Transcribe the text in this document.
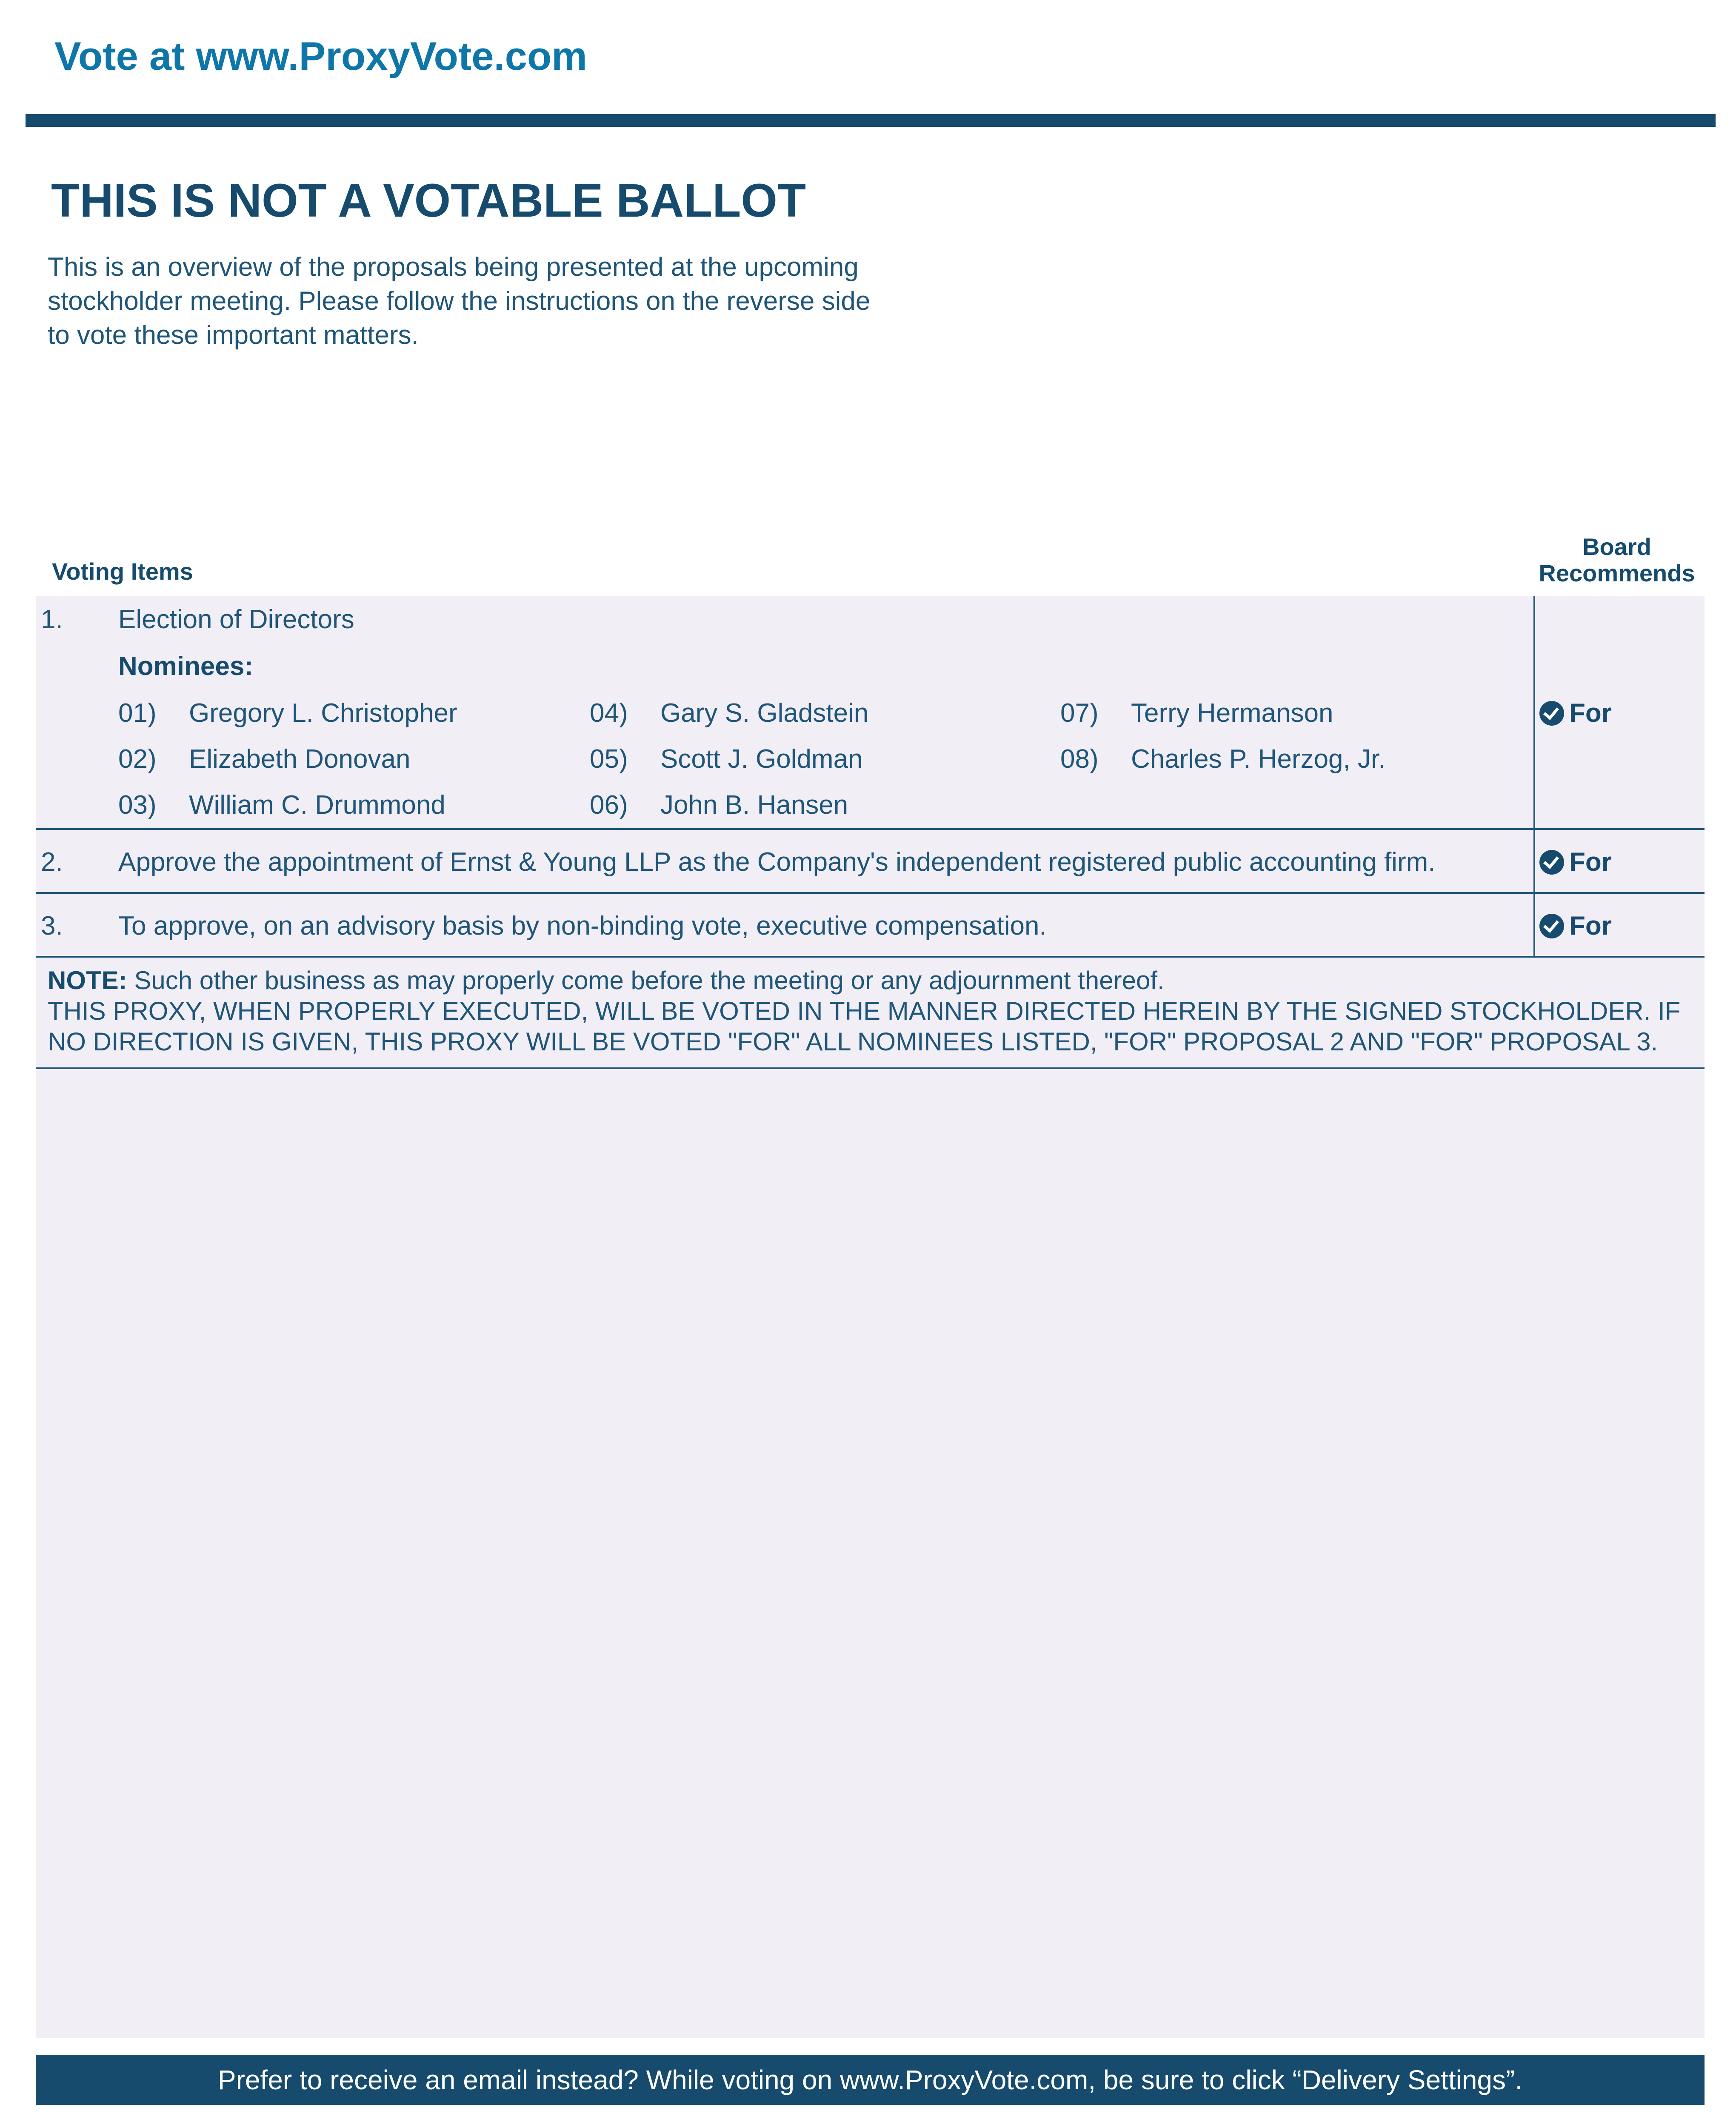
Vote at www.ProxyVote.com
THIS IS NOT A VOTABLE BALLOT
This is an overview of the proposals being presented at the upcoming stockholder meeting. Please follow the instructions on the reverse side to vote these important matters.
Voting Items
Board
Recommends
1. Election of Directors
Nominees:
01) Gregory L. Christopher
02) Elizabeth Donovan
03) William C. Drummond
04) Gary S. Gladstein
05) Scott J. Goldman
06) John B. Hansen
07) Terry Hermanson
08) Charles P. Herzog, Jr.
For
2. Approve the appointment of Ernst & Young LLP as the Company's independent registered public accounting firm.	For
3. To approve, on an advisory basis by non-binding vote, executive compensation.	For
NOTE: Such other business as may properly come before the meeting or any adjournment thereof.
THIS PROXY, WHEN PROPERLY EXECUTED, WILL BE VOTED IN THE MANNER DIRECTED HEREIN BY THE SIGNED STOCKHOLDER. IF NO DIRECTION IS GIVEN, THIS PROXY WILL BE VOTED "FOR" ALL NOMINEES LISTED, "FOR" PROPOSAL 2 AND "FOR" PROPOSAL 3.
Prefer to receive an email instead? While voting on www.ProxyVote.com, be sure to click “Delivery Settings”.
